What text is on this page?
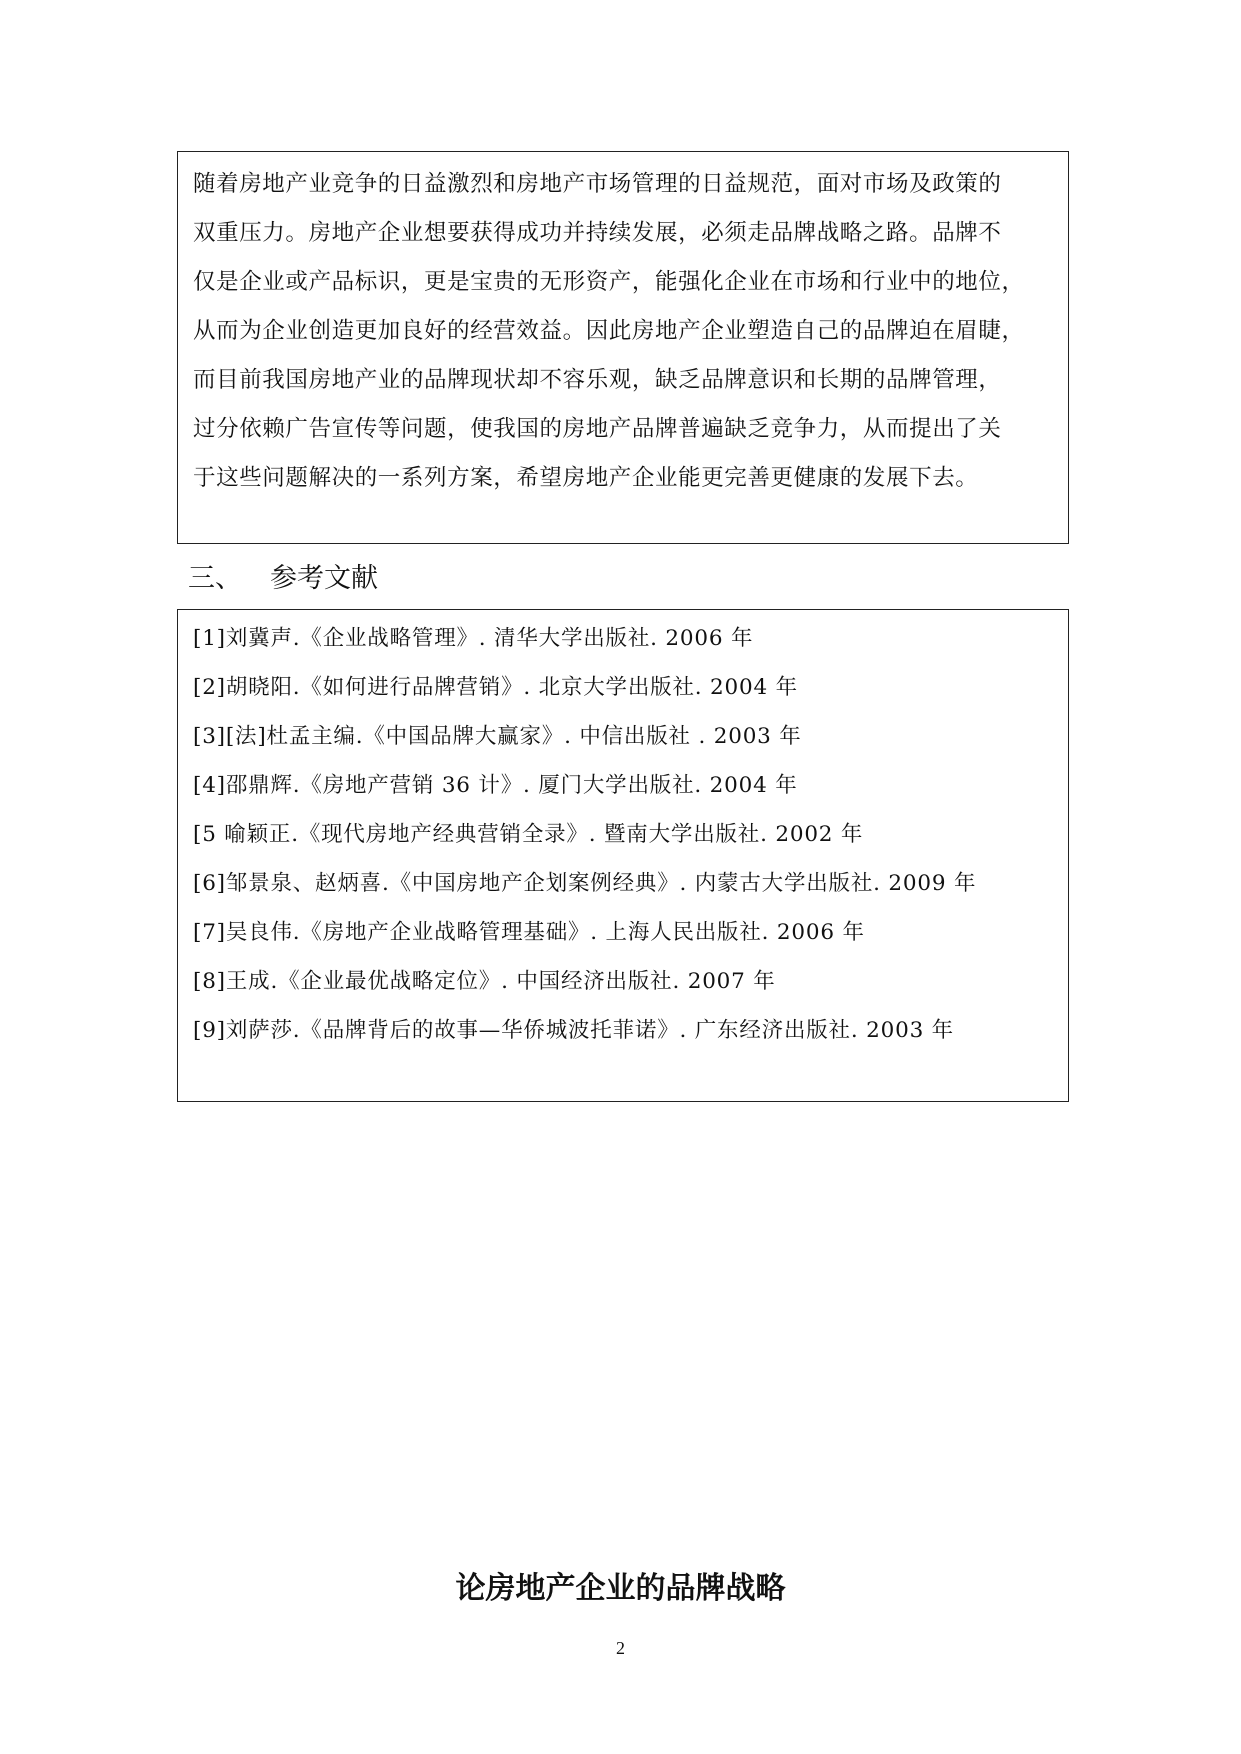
随着房地产业竞争的日益激烈和房地产市场管理的日益规范，面对市场及政策的
双重压力。房地产企业想要获得成功并持续发展，必须走品牌战略之路。品牌不
仅是企业或产品标识，更是宝贵的无形资产，能强化企业在市场和行业中的地位，
从而为企业创造更加良好的经营效益。因此房地产企业塑造自己的品牌迫在眉睫，
而目前我国房地产业的品牌现状却不容乐观，缺乏品牌意识和长期的品牌管理，
过分依赖广告宣传等问题，使我国的房地产品牌普遍缺乏竞争力，从而提出了关
于这些问题解决的一系列方案，希望房地产企业能更完善更健康的发展下去。
三、 参考文献
[1]刘冀声.《企业战略管理》. 清华大学出版社. 2006 年
[2]胡晓阳.《如何进行品牌营销》. 北京大学出版社. 2004 年
[3][法]杜孟主编.《中国品牌大赢家》. 中信出版社 . 2003 年
[4]邵鼎辉.《房地产营销 36 计》. 厦门大学出版社. 2004 年
[5 喻颖正.《现代房地产经典营销全录》. 暨南大学出版社. 2002 年
[6]邹景泉、赵炳喜.《中国房地产企划案例经典》. 内蒙古大学出版社. 2009 年
[7]吴良伟.《房地产企业战略管理基础》. 上海人民出版社. 2006 年
[8]王成.《企业最优战略定位》. 中国经济出版社. 2007 年
[9]刘萨莎.《品牌背后的故事—华侨城波托菲诺》. 广东经济出版社. 2003 年
论房地产企业的品牌战略
2
